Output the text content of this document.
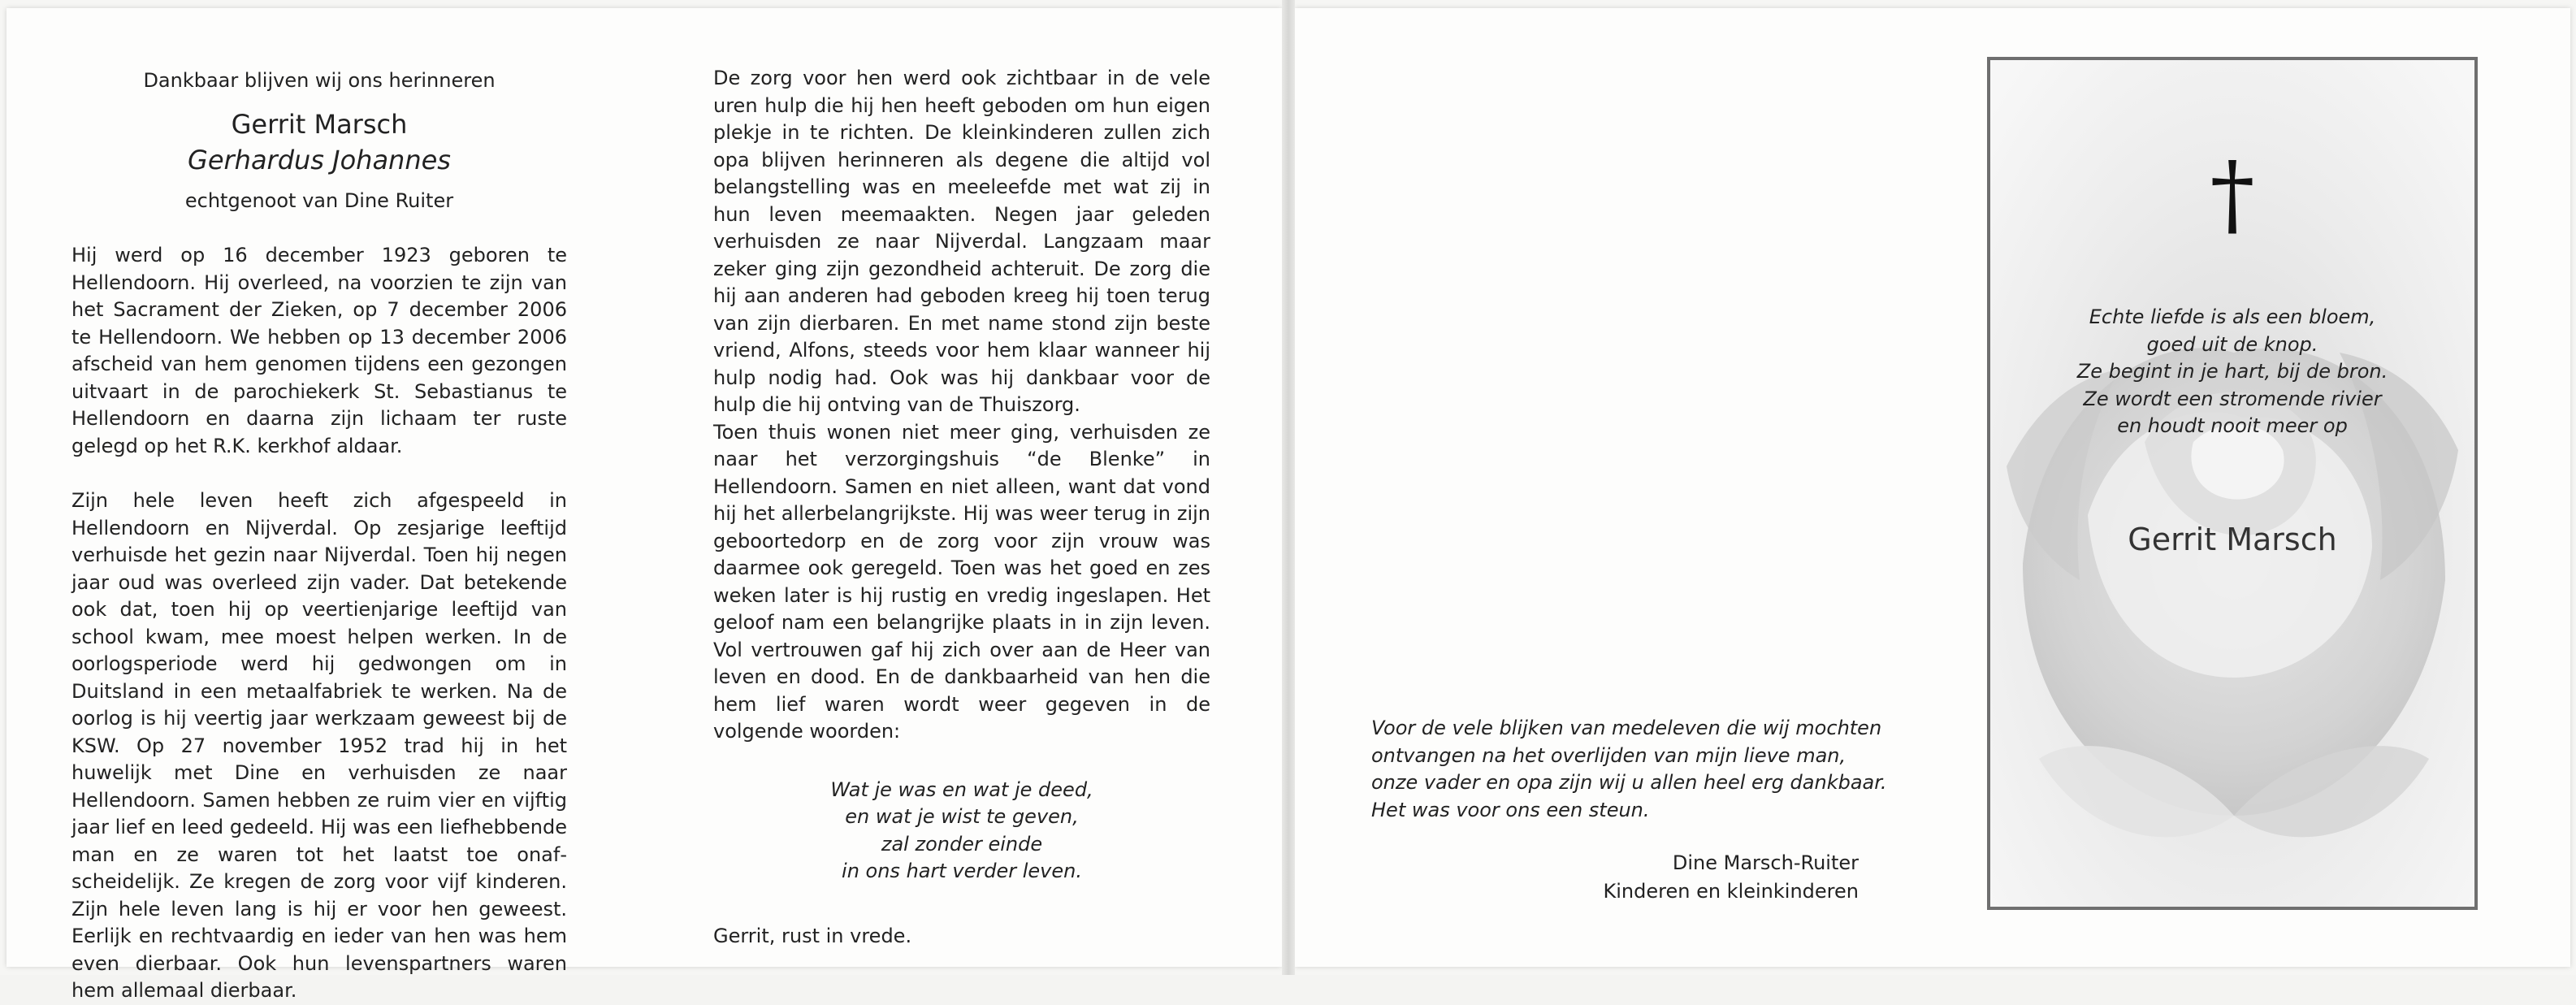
Dankbaar blijven wij ons herinneren
Gerrit Marsch
Gerhardus Johannes
echtgenoot van Dine Ruiter

Hij werd op 16 december 1923 geboren te Hellendoorn. Hij overleed, na voorzien te zijn van het Sacrament der Zieken, op 7 december 2006 te Hellendoorn. We hebben op 13 december 2006 afscheid van hem genomen tijdens een gezongen uitvaart in de parochiekerk St. Sebastianus te Hellendoorn en daarna zijn lichaam ter ruste gelegd op het R.K. kerkhof aldaar.

Zijn hele leven heeft zich afgespeeld in Hellendoorn en Nijverdal. Op zesjarige leeftijd verhuisde het gezin naar Nijverdal. Toen hij negen jaar oud was overleed zijn vader. Dat betekende ook dat, toen hij op veertienjarige leeftijd van school kwam, mee moest helpen werken. In de oorlogsperiode werd hij gedwongen om in Duitsland in een metaalfabriek te werken. Na de oorlog is hij veertig jaar werkzaam geweest bij de KSW. Op 27 november 1952 trad hij in het huwelijk met Dine en verhuisden ze naar Hellendoorn. Samen hebben ze ruim vier en vijftig jaar lief en leed gedeeld. Hij was een liefhebbende man en ze waren tot het laatst toe onafscheidelijk. Ze kregen de zorg voor vijf kinderen. Zijn hele leven lang is hij er voor hen geweest. Eerlijk en rechtvaardig en ieder van hen was hem even dierbaar. Ook hun levenspartners waren hem allemaal dierbaar.

De zorg voor hen werd ook zichtbaar in de vele uren hulp die hij hen heeft geboden om hun eigen plekje in te richten. De kleinkinderen zullen zich opa blijven herinneren als degene die altijd vol belangstelling was en meeleefde met wat zij in hun leven meemaakten. Negen jaar geleden verhuisden ze naar Nijverdal. Langzaam maar zeker ging zijn gezondheid achteruit. De zorg die hij aan anderen had geboden kreeg hij toen terug van zijn dierbaren. En met name stond zijn beste vriend, Alfons, steeds voor hem klaar wanneer hij hulp nodig had. Ook was hij dankbaar voor de hulp die hij ontving van de Thuiszorg.

Toen thuis wonen niet meer ging, verhuisden ze naar het verzorgingshuis “de Blenke” in Hellendoorn. Samen en niet alleen, want dat vond hij het allerbelangrijkste. Hij was weer terug in zijn geboortedorp en de zorg voor zijn vrouw was daarmee ook geregeld. Toen was het goed en zes weken later is hij rustig en vredig ingeslapen. Het geloof nam een belangrijke plaats in in zijn leven. Vol vertrouwen gaf hij zich over aan de Heer van leven en dood. En de dankbaarheid van hen die hem lief waren wordt weer gegeven in de volgende woorden:

Wat je was en wat je deed,
en wat je wist te geven,
zal zonder einde
in ons hart verder leven.
Gerrit, rust in vrede.
Voor de vele blijken van medeleven die wij mochten
ontvangen na het overlijden van mijn lieve man,
onze vader en opa zijn wij u allen heel erg dankbaar.
Het was voor ons een steun.
Dine Marsch-Ruiter
Kinderen en kleinkinderen
†
Echte liefde is als een bloem,
goed uit de knop.
Ze begint in je hart, bij de bron.
Ze wordt een stromende rivier
en houdt nooit meer op
Gerrit Marsch
